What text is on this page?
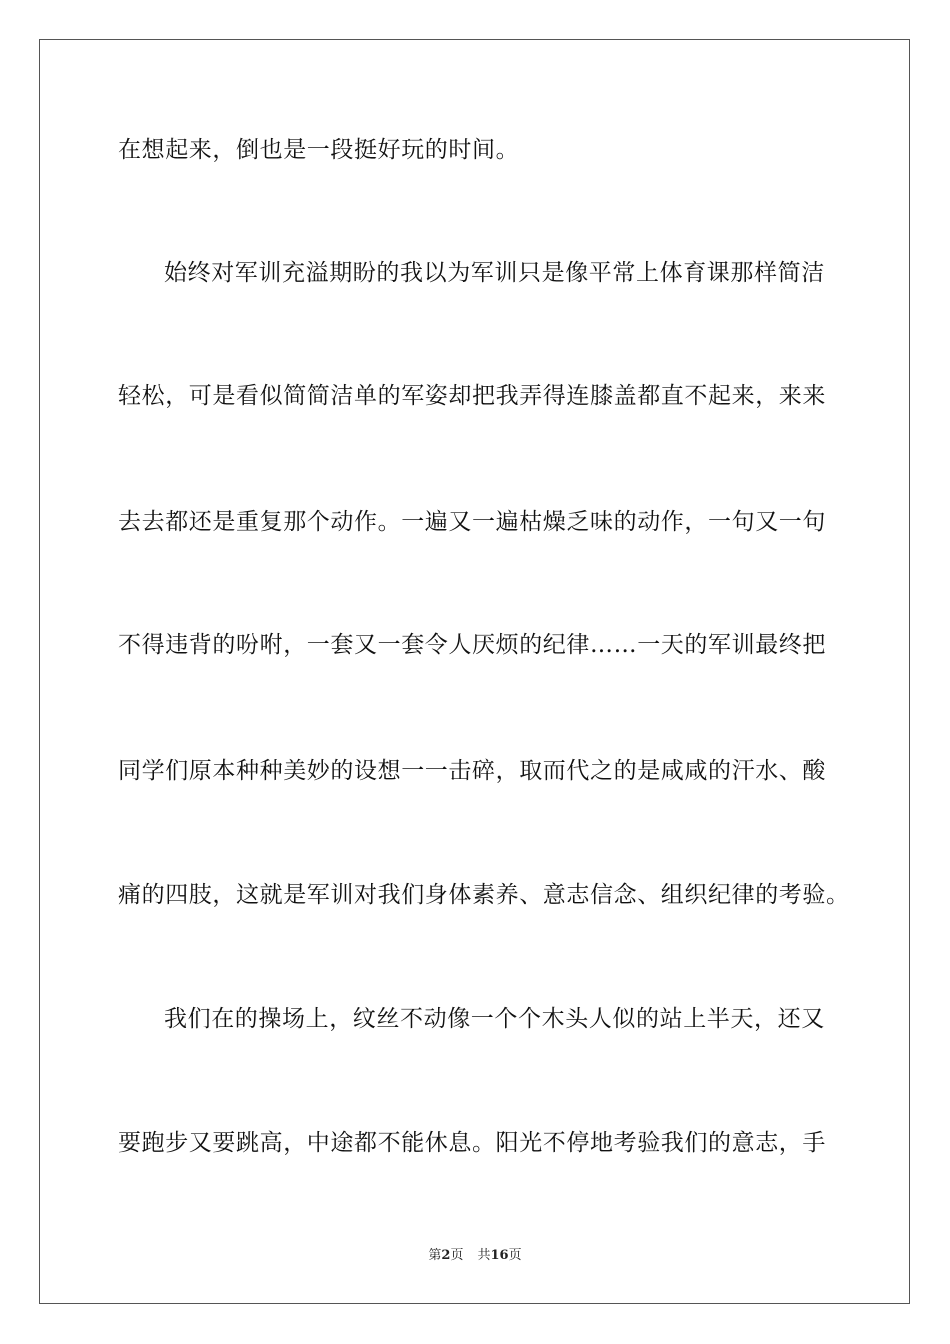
在想起来，倒也是一段挺好玩的时间。
始终对军训充溢期盼的我以为军训只是像平常上体育课那样简洁
轻松，可是看似简简洁单的军姿却把我弄得连膝盖都直不起来，来来
去去都还是重复那个动作。一遍又一遍枯燥乏味的动作，一句又一句
不得违背的吩咐，一套又一套令人厌烦的纪律……一天的军训最终把
同学们原本种种美妙的设想一一击碎，取而代之的是咸咸的汗水、酸
痛的四肢，这就是军训对我们身体素养、意志信念、组织纪律的考验。
我们在的操场上，纹丝不动像一个个木头人似的站上半天，还又
要跑步又要跳高，中途都不能休息。阳光不停地考验我们的意志，手
第2页 共16页
